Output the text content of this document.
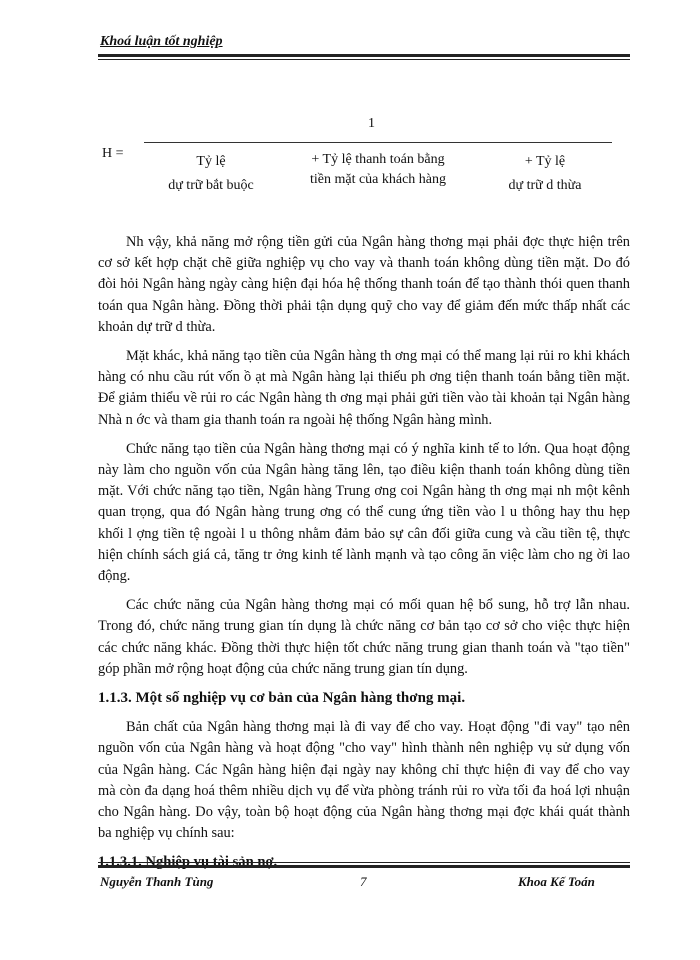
Khoá luận tốt nghiệp
1
H =
Tỷ lệ
dự trữ bắt buộc
+ Tỷ lệ thanh toán bằng
tiền mặt của khách hàng
+ Tỷ lệ
dự trữ d thừa

Nh vậy, khả năng mở rộng tiền gửi của Ngân hàng thơng mại phải đợc thực hiện trên cơ sở kết hợp chặt chẽ giữa nghiệp vụ cho vay và thanh toán không dùng tiền mặt. Do đó đòi hỏi Ngân hàng ngày càng hiện đại hóa hệ thống thanh toán để tạo thành thói quen thanh toán qua Ngân hàng. Đồng thời phải tận dụng quỹ cho vay để giảm đến mức thấp nhất các khoản dự trữ d thừa.

Mặt khác, khả năng tạo tiền của Ngân hàng th ơng mại có thể mang lại rủi ro khi khách hàng có nhu cầu rút vốn ồ ạt mà Ngân hàng lại thiếu ph ơng tiện thanh toán bằng tiền mặt. Để giảm thiểu về rủi ro các Ngân hàng th ơng mại phải gửi tiền vào tài khoản tại Ngân hàng Nhà n ớc và tham gia thanh toán ra ngoài hệ thống Ngân hàng mình.

Chức năng tạo tiền của Ngân hàng thơng mại có ý nghĩa kinh tế to lớn. Qua hoạt động này làm cho nguồn vốn của Ngân hàng tăng lên, tạo điều kiện thanh toán không dùng tiền mặt. Với chức năng tạo tiền, Ngân hàng Trung ơng coi Ngân hàng th ơng mại nh một kênh quan trọng, qua đó Ngân hàng trung ơng có thể cung ứng tiền vào l u thông hay thu hẹp khối l ợng tiền tệ ngoài l u thông nhằm đảm bảo sự cân đối giữa cung và cầu tiền tệ, thực hiện chính sách giá cả, tăng tr ởng kinh tế lành mạnh và tạo công ăn việc làm cho ng ời lao động.

Các chức năng của Ngân hàng thơng mại có mối quan hệ bổ sung, hỗ trợ lẫn nhau. Trong đó, chức năng trung gian tín dụng là chức năng cơ bản tạo cơ sở cho việc thực hiện các chức năng khác. Đồng thời thực hiện tốt chức năng trung gian thanh toán và "tạo tiền" góp phần mở rộng hoạt động của chức năng trung gian tín dụng.

1.1.3. Một số nghiệp vụ cơ bản của Ngân hàng thơng mại.

Bản chất của Ngân hàng thơng mại là đi vay để cho vay. Hoạt động "đi vay" tạo nên nguồn vốn của Ngân hàng và hoạt động "cho vay" hình thành nên nghiệp vụ sử dụng vốn của Ngân hàng. Các Ngân hàng hiện đại ngày nay không chỉ thực hiện đi vay để cho vay mà còn đa dạng hoá thêm nhiều dịch vụ để vừa phòng tránh rủi ro vừa tối đa hoá lợi nhuận cho Ngân hàng. Do vậy, toàn bộ hoạt động của Ngân hàng thơng mại đợc khái quát thành ba nghiệp vụ chính sau:

Nguyễn Thanh Tùng	7	Khoa Kế Toán
